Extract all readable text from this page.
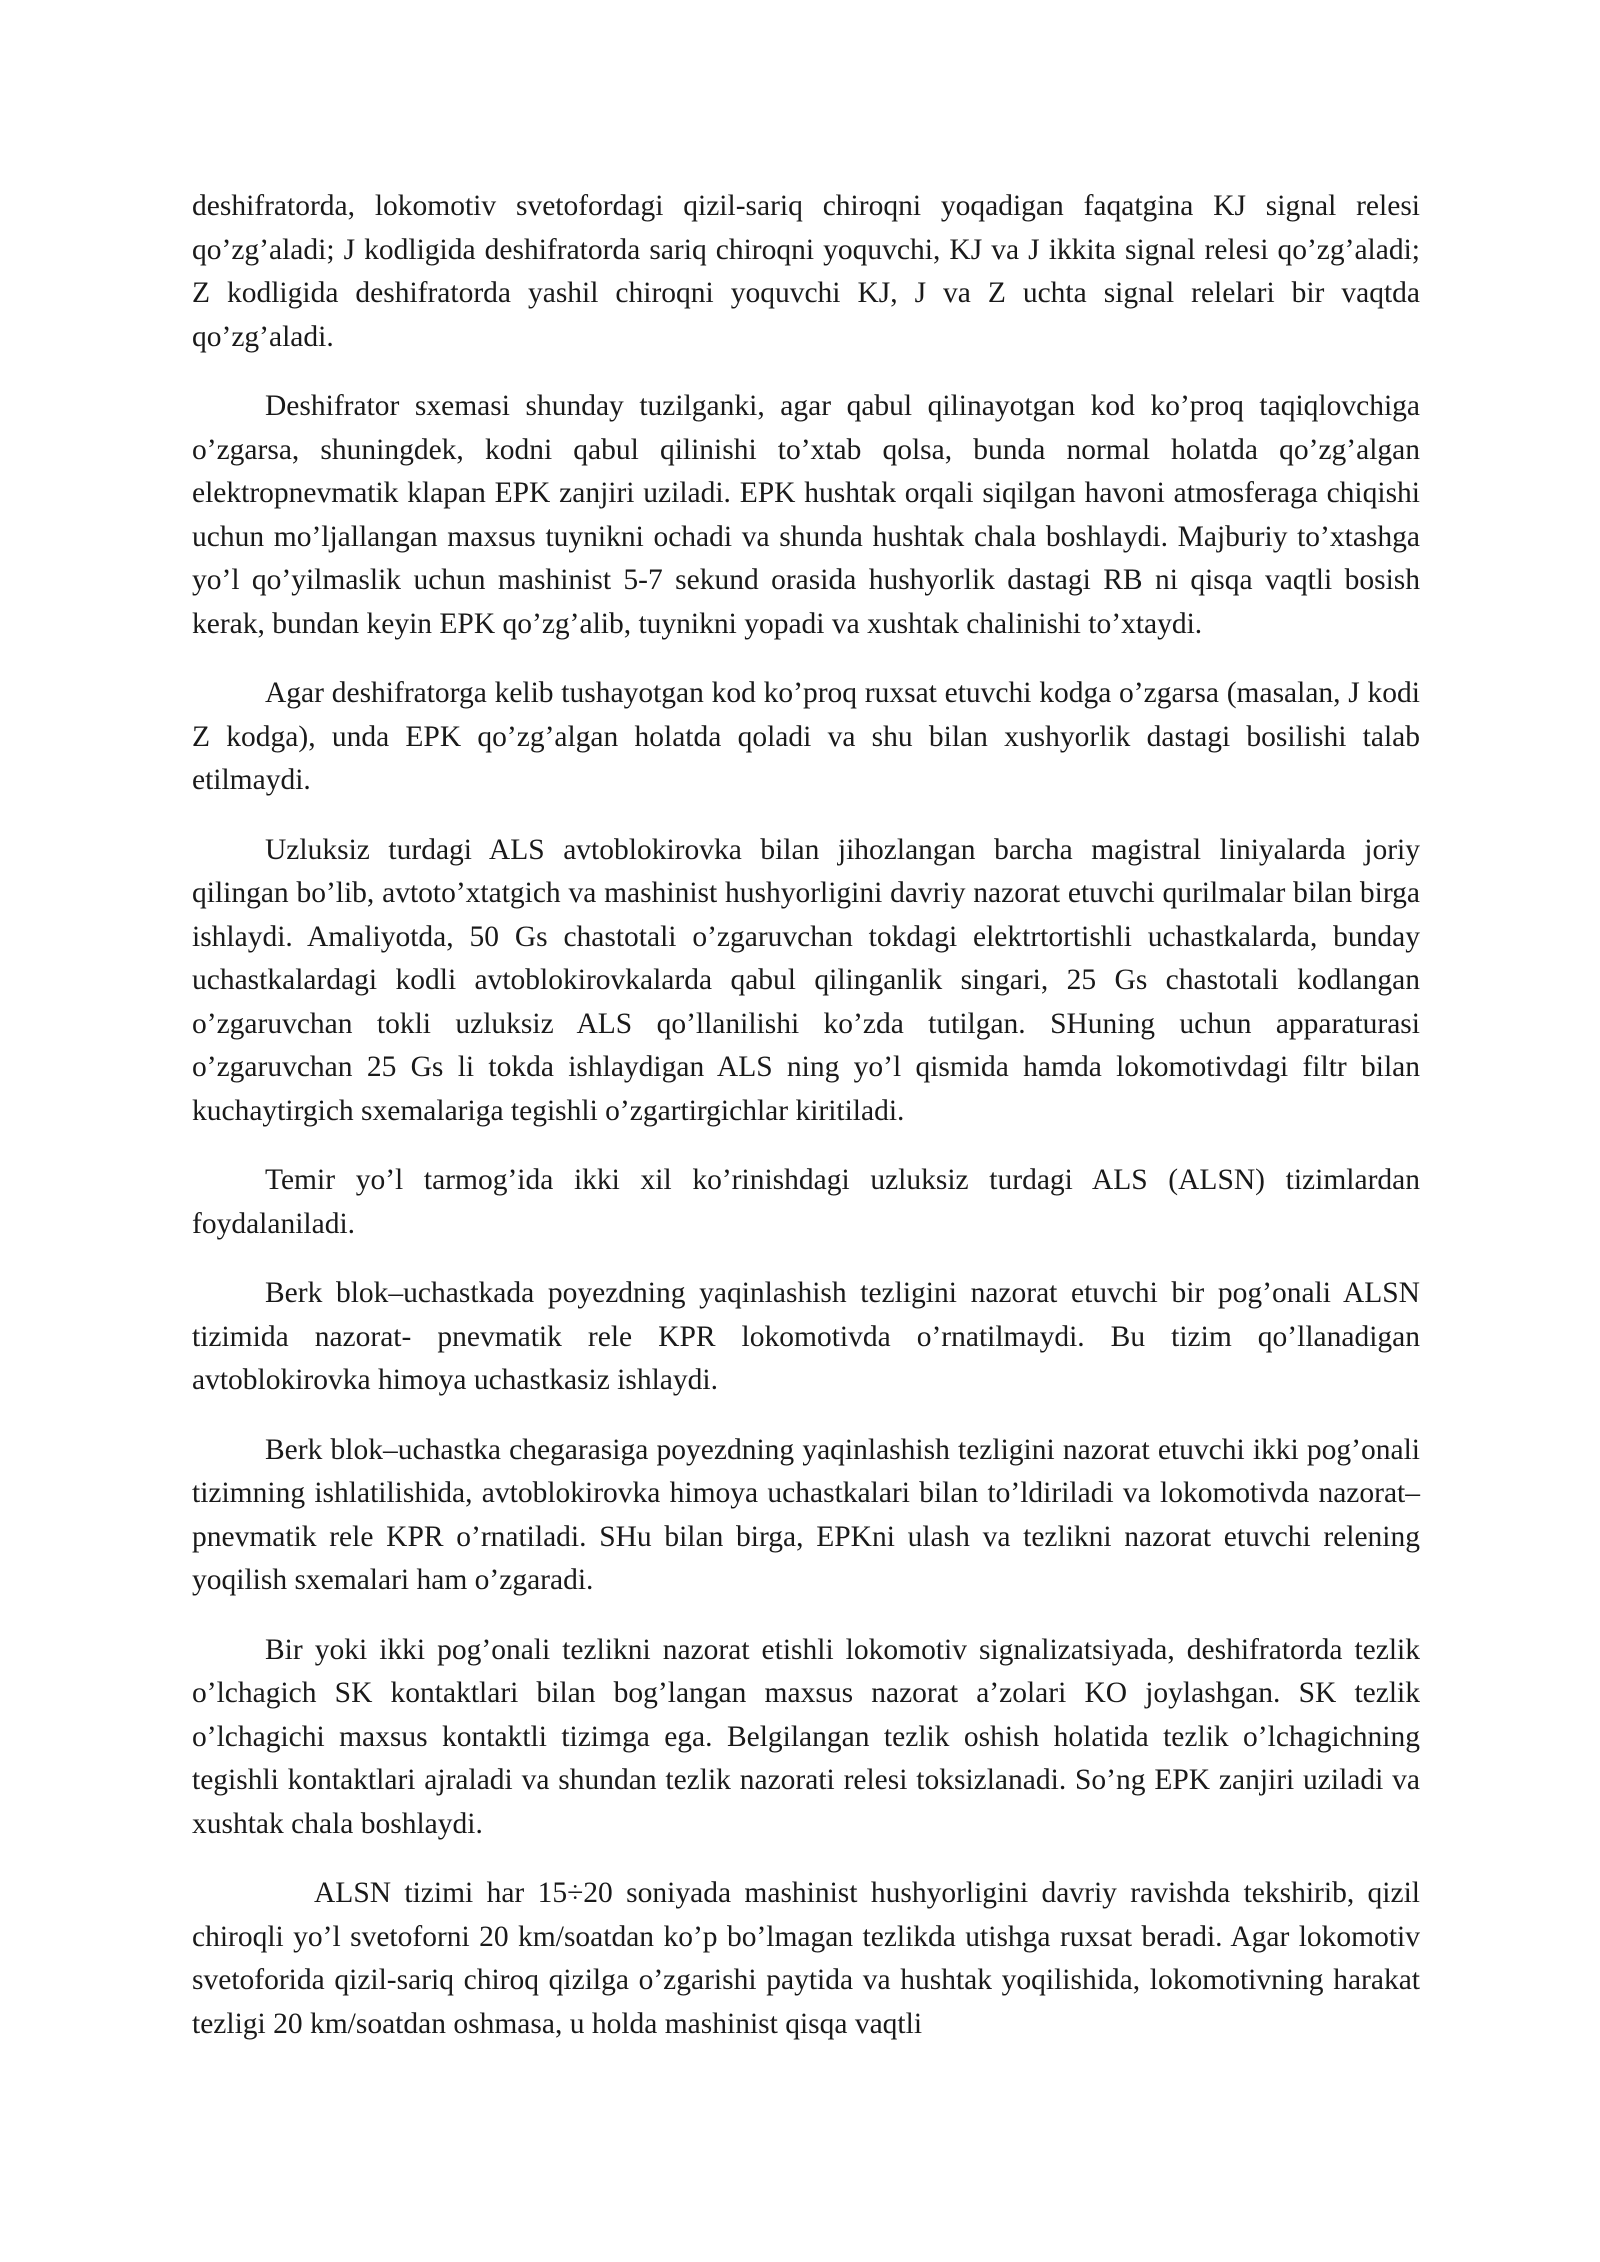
deshifratorda, lokomotiv svetofordagi qizil-sariq chiroqni yoqadigan faqatgina KJ signal relesi qo’zg’aladi; J kodligida deshifratorda sariq chiroqni yoquvchi, KJ va J ikkita signal relesi qo’zg’aladi; Z kodligida deshifratorda yashil chiroqni yoquvchi KJ, J va Z uchta signal relelari bir vaqtda qo’zg’aladi.

Deshifrator sxemasi shunday tuzilganki, agar qabul qilinayotgan kod ko’proq taqiqlovchiga o’zgarsa, shuningdek, kodni qabul qilinishi to’xtab qolsa, bunda normal holatda qo’zg’algan elektropnevmatik klapan EPK zanjiri uziladi. EPK hushtak orqali siqilgan havoni atmosferaga chiqishi uchun mo’ljallangan maxsus tuynikni ochadi va shunda hushtak chala boshlaydi. Majburiy to’xtashga yo’l qo’yilmaslik uchun mashinist 5-7 sekund orasida hushyorlik dastagi RB ni qisqa vaqtli bosish kerak, bundan keyin EPK qo’zg’alib, tuynikni yopadi va xushtak chalinishi to’xtaydi.

Agar deshifratorga kelib tushayotgan kod ko’proq ruxsat etuvchi kodga o’zgarsa (masalan, J kodi Z kodga), unda EPK qo’zg’algan holatda qoladi va shu bilan xushyorlik dastagi bosilishi talab etilmaydi.

Uzluksiz turdagi ALS avtoblokirovka bilan jihozlangan barcha magistral liniyalarda joriy qilingan bo’lib, avtoto’xtatgich va mashinist hushyorligini davriy nazorat etuvchi qurilmalar bilan birga ishlaydi. Amaliyotda, 50 Gs chastotali o’zgaruvchan tokdagi elektrtortishli uchastkalarda, bunday uchastkalardagi kodli avtoblokirovkalarda qabul qilinganlik singari, 25 Gs chastotali kodlangan o’zgaruvchan tokli uzluksiz ALS qo’llanilishi ko’zda tutilgan. SHuning uchun apparaturasi o’zgaruvchan 25 Gs li tokda ishlaydigan ALS ning yo’l qismida hamda lokomotivdagi filtr bilan kuchaytirgich sxemalariga tegishli o’zgartirgichlar kiritiladi.

Temir yo’l tarmog’ida ikki xil ko’rinishdagi uzluksiz turdagi ALS (ALSN) tizimlardan foydalaniladi.

Berk blok–uchastkada poyezdning yaqinlashish tezligini nazorat etuvchi bir pog’onali ALSN tizimida nazorat- pnevmatik rele KPR lokomotivda o’rnatilmaydi. Bu tizim qo’llanadigan avtoblokirovka himoya uchastkasiz ishlaydi.

Berk blok–uchastka chegarasiga poyezdning yaqinlashish tezligini nazorat etuvchi ikki pog’onali tizimning ishlatilishida, avtoblokirovka himoya uchastkalari bilan to’ldiriladi va lokomotivda nazorat–pnevmatik rele KPR o’rnatiladi. SHu bilan birga, EPKni ulash va tezlikni nazorat etuvchi relening yoqilish sxemalari ham o’zgaradi.

Bir yoki ikki pog’onali tezlikni nazorat etishli lokomotiv signalizatsiyada, deshifratorda tezlik o’lchagich SK kontaktlari bilan bog’langan maxsus nazorat a’zolari KO joylashgan. SK tezlik o’lchagichi maxsus kontaktli tizimga ega. Belgilangan tezlik oshish holatida tezlik o’lchagichning tegishli kontaktlari ajraladi va shundan tezlik nazorati relesi toksizlanadi. So’ng EPK zanjiri uziladi va xushtak chala boshlaydi.

ALSN tizimi har 15÷20 soniyada mashinist hushyorligini davriy ravishda tekshirib, qizil chiroqli yo’l svetoforni 20 km/soatdan ko’p bo’lmagan tezlikda utishga ruxsat beradi. Agar lokomotiv svetoforida qizil-sariq chiroq qizilga o’zgarishi paytida va hushtak yoqilishida, lokomotivning harakat tezligi 20 km/soatdan oshmasa, u holda mashinist qisqa vaqtli
